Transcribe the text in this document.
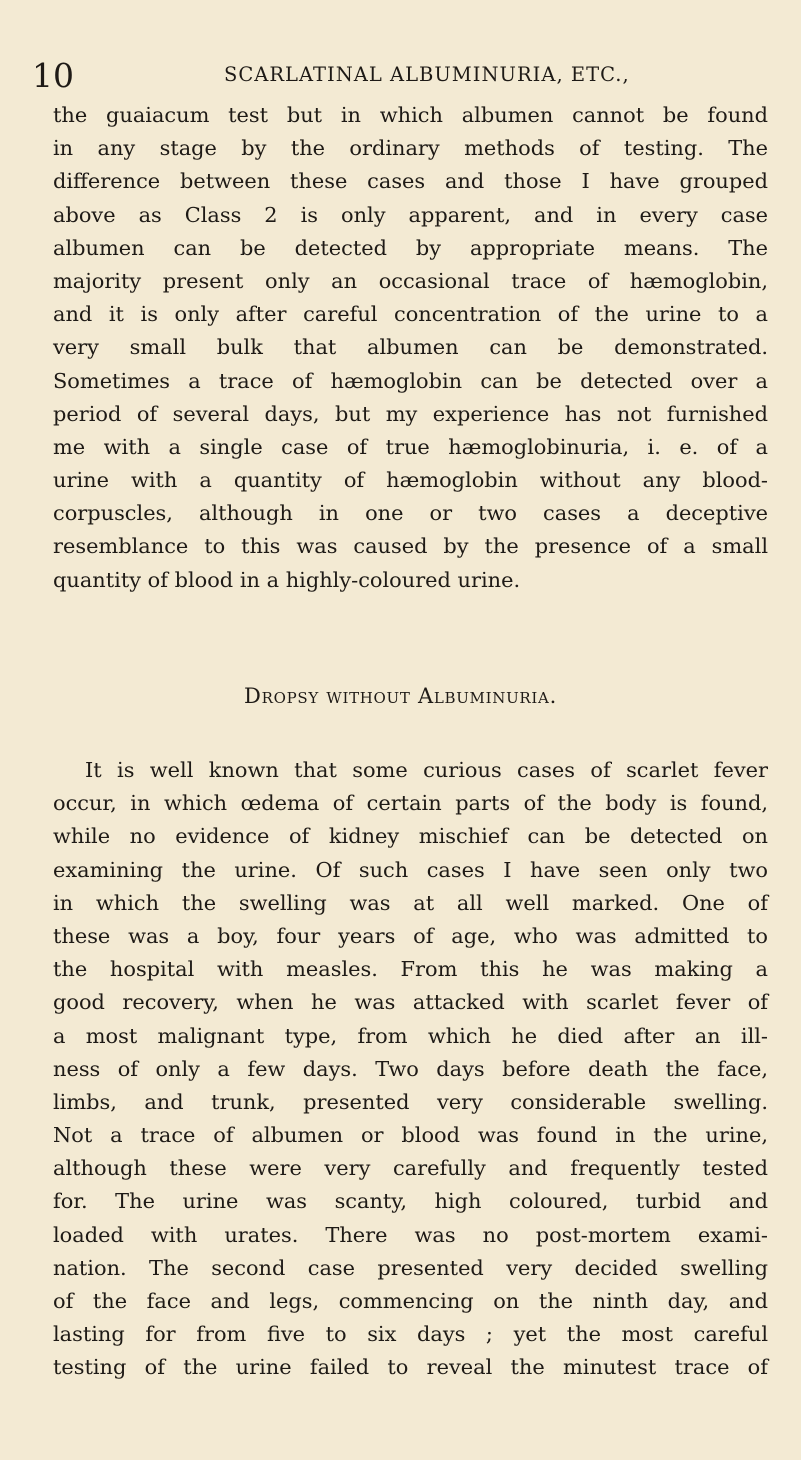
10	SCARLATINAL ALBUMINURIA, ETC.,
the guaiacum test but in which albumen cannot be found
in any stage by the ordinary methods of testing. The
difference between these cases and those I have grouped
above as Class 2 is only apparent, and in every case
albumen can be detected by appropriate means. The
majority present only an occasional trace of hæmoglobin,
and it is only after careful concentration of the urine to a
very small bulk that albumen can be demonstrated.
Sometimes a trace of hæmoglobin can be detected over a
period of several days, but my experience has not furnished
me with a single case of true hæmoglobinuria, i. e. of a
urine with a quantity of hæmoglobin without any blood-
corpuscles, although in one or two cases a deceptive
resemblance to this was caused by the presence of a small
quantity of blood in a highly-coloured urine.
Dropsy without Albuminuria.
It is well known that some curious cases of scarlet fever
occur, in which œdema of certain parts of the body is found,
while no evidence of kidney mischief can be detected on
examining the urine. Of such cases I have seen only two
in which the swelling was at all well marked. One of
these was a boy, four years of age, who was admitted to
the hospital with measles. From this he was making a
good recovery, when he was attacked with scarlet fever of
a most malignant type, from which he died after an ill-
ness of only a few days. Two days before death the face,
limbs, and trunk, presented very considerable swelling.
Not a trace of albumen or blood was found in the urine,
although these were very carefully and frequently tested
for. The urine was scanty, high coloured, turbid and
loaded with urates. There was no post-mortem exami-
nation. The second case presented very decided swelling
of the face and legs, commencing on the ninth day, and
lasting for from five to six days ; yet the most careful
testing of the urine failed to reveal the minutest trace of
